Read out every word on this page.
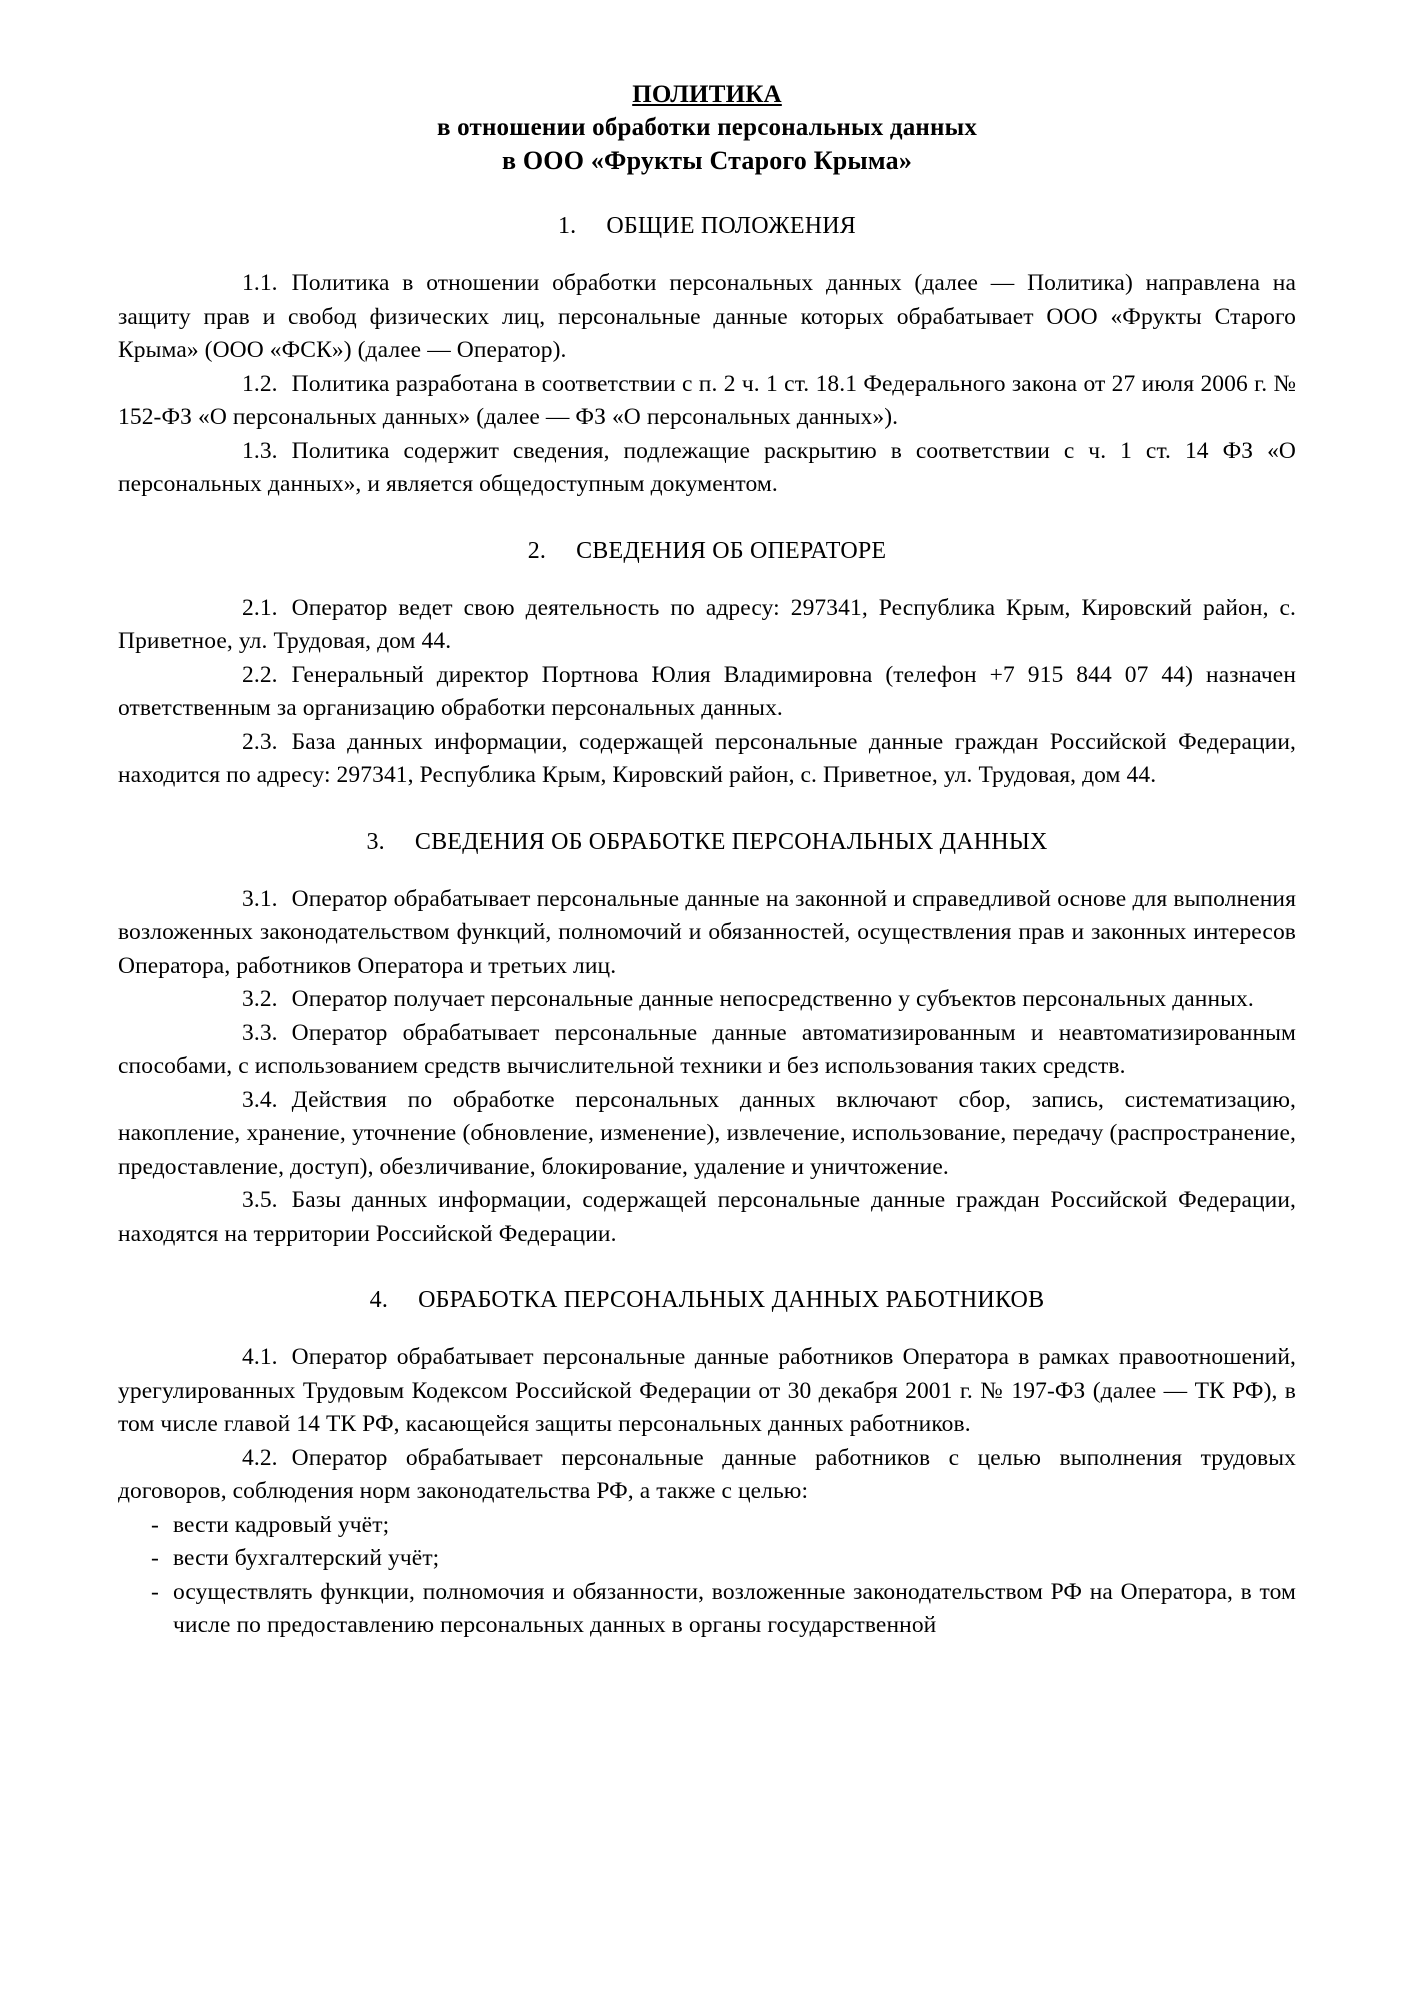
ПОЛИТИКА
в отношении обработки персональных данных
в ООО «Фрукты Старого Крыма»
1. ОБЩИЕ ПОЛОЖЕНИЯ

1.1. Политика в отношении обработки персональных данных (далее — Политика) направлена на защиту прав и свобод физических лиц, персональные данные которых обрабатывает ООО «Фрукты Старого Крыма» (ООО «ФСК») (далее — Оператор).

1.2. Политика разработана в соответствии с п. 2 ч. 1 ст. 18.1 Федерального закона от 27 июля 2006 г. № 152-ФЗ «О персональных данных» (далее — ФЗ «О персональных данных»).

1.3. Политика содержит сведения, подлежащие раскрытию в соответствии с ч. 1 ст. 14 ФЗ «О персональных данных», и является общедоступным документом.

2. СВЕДЕНИЯ ОБ ОПЕРАТОРЕ

2.1. Оператор ведет свою деятельность по адресу: 297341, Республика Крым, Кировский район, с. Приветное, ул. Трудовая, дом 44.

2.2. Генеральный директор Портнова Юлия Владимировна (телефон +7 915 844 07 44) назначен ответственным за организацию обработки персональных данных.

2.3. База данных информации, содержащей персональные данные граждан Российской Федерации, находится по адресу: 297341, Республика Крым, Кировский район, с. Приветное, ул. Трудовая, дом 44.

3. СВЕДЕНИЯ ОБ ОБРАБОТКЕ ПЕРСОНАЛЬНЫХ ДАННЫХ

3.1. Оператор обрабатывает персональные данные на законной и справедливой основе для выполнения возложенных законодательством функций, полномочий и обязанностей, осуществления прав и законных интересов Оператора, работников Оператора и третьих лиц.

3.2. Оператор получает персональные данные непосредственно у субъектов персональных данных.

3.3. Оператор обрабатывает персональные данные автоматизированным и неавтоматизированным способами, с использованием средств вычислительной техники и без использования таких средств.

3.4. Действия по обработке персональных данных включают сбор, запись, систематизацию, накопление, хранение, уточнение (обновление, изменение), извлечение, использование, передачу (распространение, предоставление, доступ), обезличивание, блокирование, удаление и уничтожение.

3.5. Базы данных информации, содержащей персональные данные граждан Российской Федерации, находятся на территории Российской Федерации.

4. ОБРАБОТКА ПЕРСОНАЛЬНЫХ ДАННЫХ РАБОТНИКОВ

4.1. Оператор обрабатывает персональные данные работников Оператора в рамках правоотношений, урегулированных Трудовым Кодексом Российской Федерации от 30 декабря 2001 г. № 197-ФЗ (далее — ТК РФ), в том числе главой 14 ТК РФ, касающейся защиты персональных данных работников.

4.2. Оператор обрабатывает персональные данные работников с целью выполнения трудовых договоров, соблюдения норм законодательства РФ, а также с целью:

- вести кадровый учёт;
- вести бухгалтерский учёт;
- осуществлять функции, полномочия и обязанности, возложенные законодательством РФ на Оператора, в том числе по предоставлению персональных данных в органы государственной
